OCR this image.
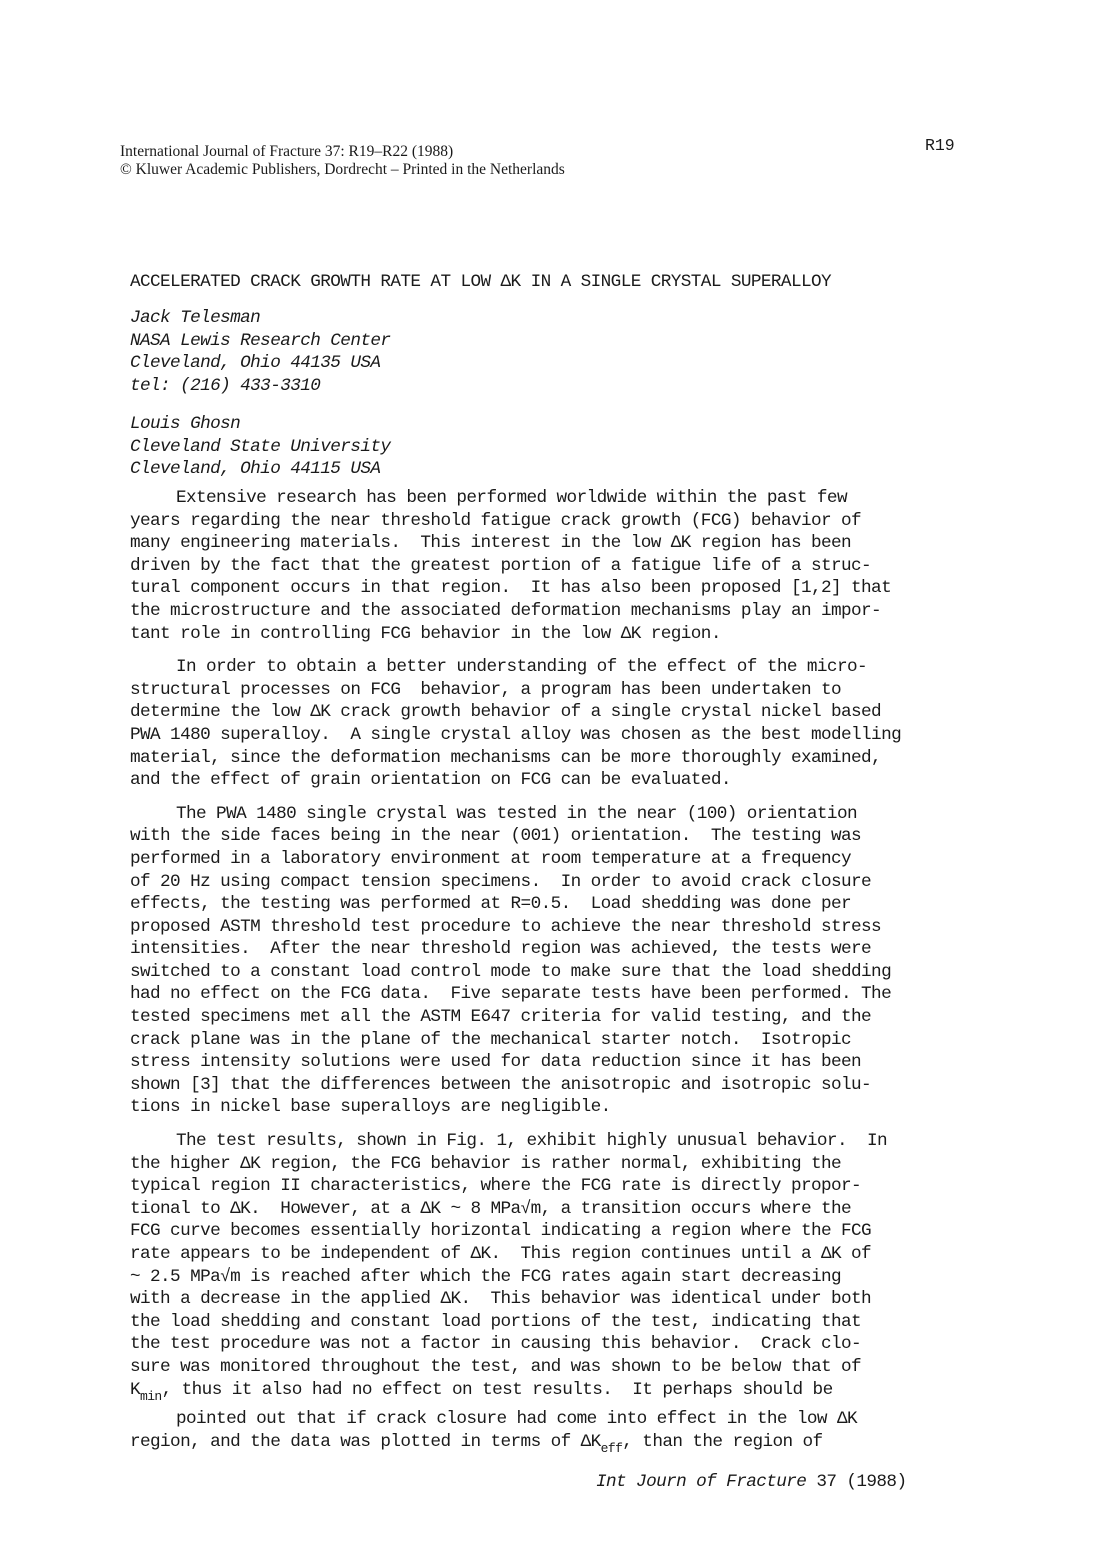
International Journal of Fracture 37: R19–R22 (1988)
© Kluwer Academic Publishers, Dordrecht – Printed in the Netherlands
R19
ACCELERATED CRACK GROWTH RATE AT LOW ΔK IN A SINGLE CRYSTAL SUPERALLOY
Jack Telesman
NASA Lewis Research Center
Cleveland, Ohio 44135 USA
tel: (216) 433-3310
Louis Ghosn
Cleveland State University
Cleveland, Ohio 44115 USA
Extensive research has been performed worldwide within the past few
years regarding the near threshold fatigue crack growth (FCG) behavior of
many engineering materials.  This interest in the low ΔK region has been
driven by the fact that the greatest portion of a fatigue life of a struc-
tural component occurs in that region.  It has also been proposed [1,2] that
the microstructure and the associated deformation mechanisms play an impor-
tant role in controlling FCG behavior in the low ΔK region.
In order to obtain a better understanding of the effect of the micro-
structural processes on FCG  behavior, a program has been undertaken to
determine the low ΔK crack growth behavior of a single crystal nickel based
PWA 1480 superalloy.  A single crystal alloy was chosen as the best modelling
material, since the deformation mechanisms can be more thoroughly examined,
and the effect of grain orientation on FCG can be evaluated.
The PWA 1480 single crystal was tested in the near (100) orientation
with the side faces being in the near (001) orientation.  The testing was
performed in a laboratory environment at room temperature at a frequency
of 20 Hz using compact tension specimens.  In order to avoid crack closure
effects, the testing was performed at R=0.5.  Load shedding was done per
proposed ASTM threshold test procedure to achieve the near threshold stress
intensities.  After the near threshold region was achieved, the tests were
switched to a constant load control mode to make sure that the load shedding
had no effect on the FCG data.  Five separate tests have been performed. The
tested specimens met all the ASTM E647 criteria for valid testing, and the
crack plane was in the plane of the mechanical starter notch.  Isotropic
stress intensity solutions were used for data reduction since it has been
shown [3] that the differences between the anisotropic and isotropic solu-
tions in nickel base superalloys are negligible.
The test results, shown in Fig. 1, exhibit highly unusual behavior.  In
the higher ΔK region, the FCG behavior is rather normal, exhibiting the
typical region II characteristics, where the FCG rate is directly propor-
tional to ΔK.  However, at a ΔK ~ 8 MPa√m, a transition occurs where the
FCG curve becomes essentially horizontal indicating a region where the FCG
rate appears to be independent of ΔK.  This region continues until a ΔK of
~ 2.5 MPa√m is reached after which the FCG rates again start decreasing
with a decrease in the applied ΔK.  This behavior was identical under both
the load shedding and constant load portions of the test, indicating that
the test procedure was not a factor in causing this behavior.  Crack clo-
sure was monitored throughout the test, and was shown to be below that of
$K_{min}$, thus it also had no effect on test results.  It perhaps should be
pointed out that if crack closure had come into effect in the low ΔK
region, and the data was plotted in terms of $\Delta K_{eff}$, than the region of
Int Journ of Fracture 37 (1988)
